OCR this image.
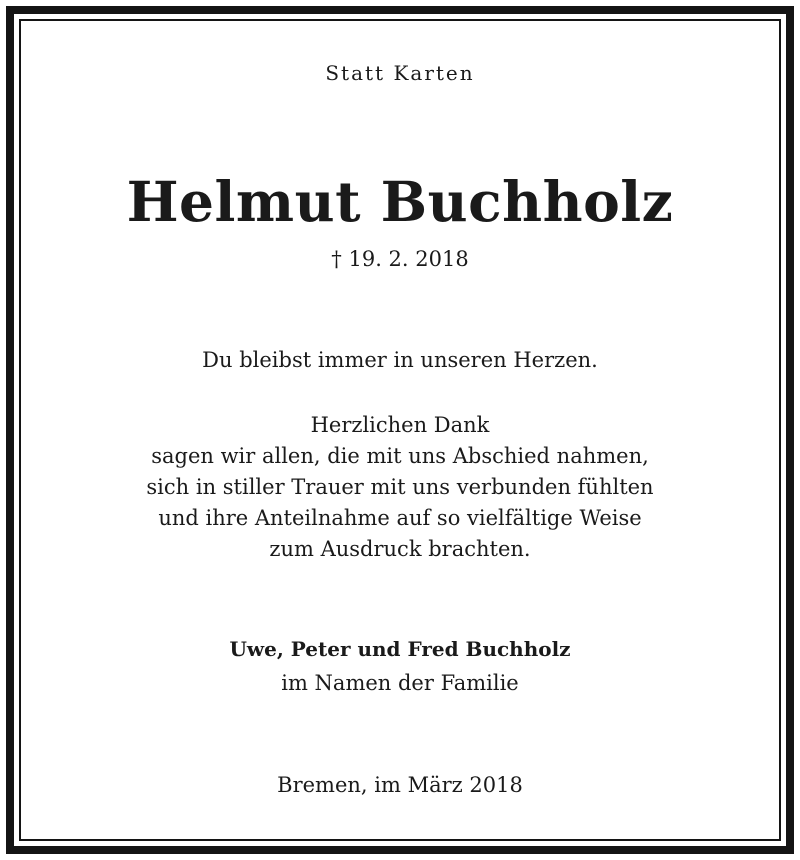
Statt Karten
Helmut Buchholz
† 19. 2. 2018
Du bleibst immer in unseren Herzen.
Herzlichen Dank
sagen wir allen, die mit uns Abschied nahmen,
sich in stiller Trauer mit uns verbunden fühlten
und ihre Anteilnahme auf so vielfältige Weise
zum Ausdruck brachten.
Uwe, Peter und Fred Buchholz
im Namen der Familie
Bremen, im März 2018
